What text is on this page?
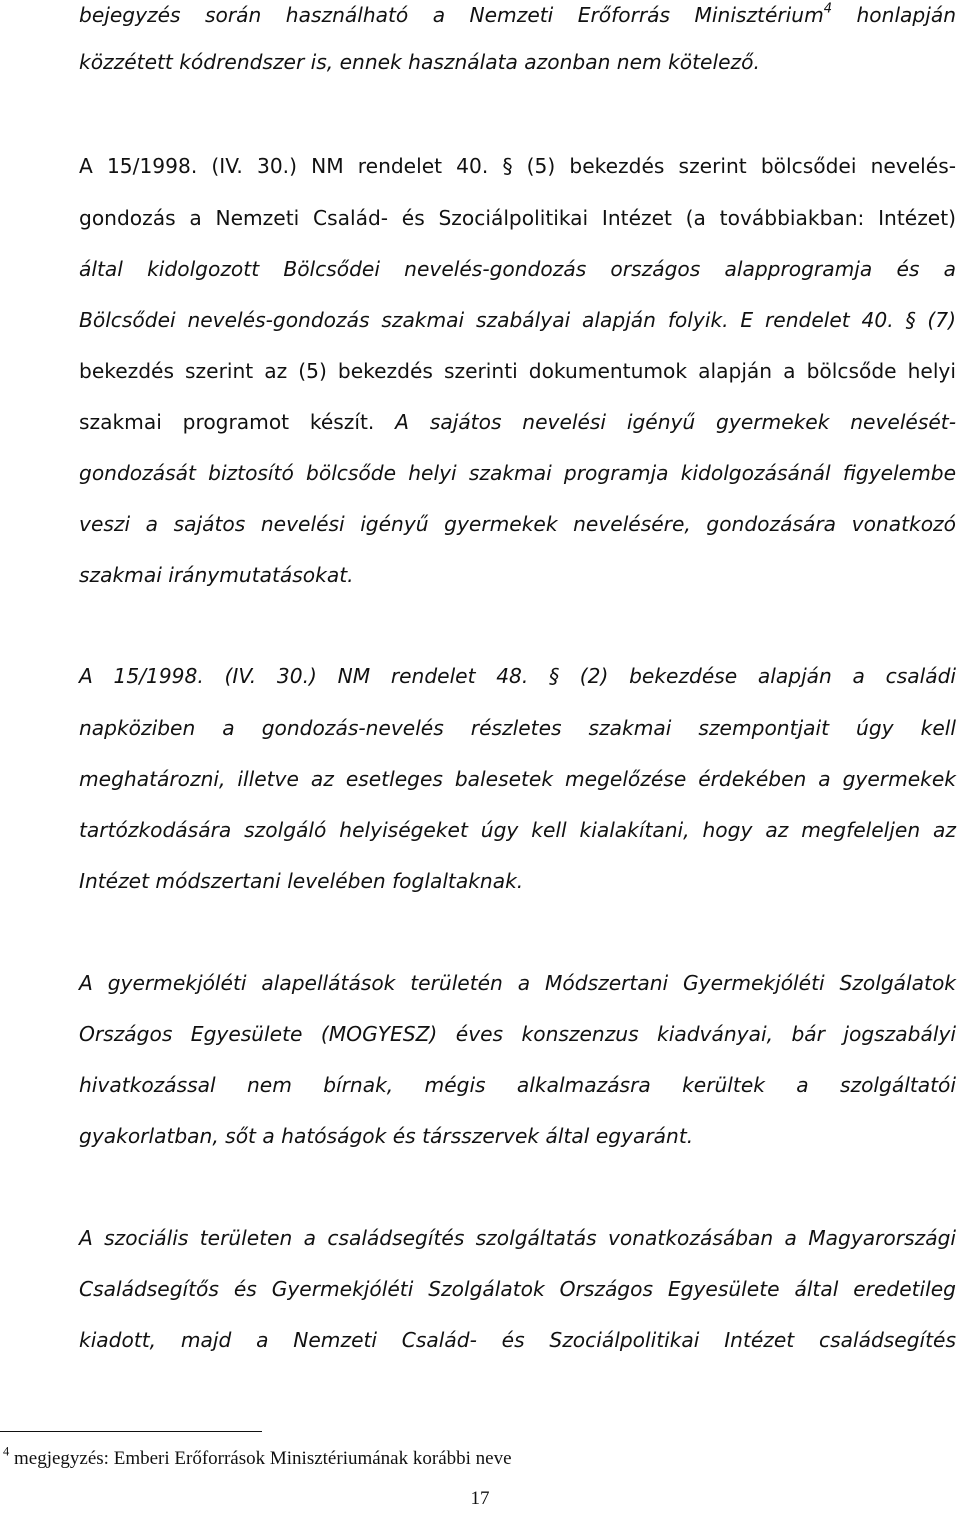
bejegyzés során használható a Nemzeti Erőforrás Minisztérium$^4$ honlapján
közzétett kódrendszer is, ennek használata azonban nem kötelező.
A 15/1998. (IV. 30.) NM rendelet 40. § (5) bekezdés szerint bölcsődei nevelés-
gondozás a Nemzeti Család- és Szociálpolitikai Intézet (a továbbiakban: Intézet)
által kidolgozott Bölcsődei nevelés-gondozás országos alapprogramja és a
Bölcsődei nevelés-gondozás szakmai szabályai alapján folyik. E rendelet 40. § (7)
bekezdés szerint az (5) bekezdés szerinti dokumentumok alapján a bölcsőde helyi
szakmai programot készít. A sajátos nevelési igényű gyermekek nevelését-
gondozását biztosító bölcsőde helyi szakmai programja kidolgozásánál figyelembe
veszi a sajátos nevelési igényű gyermekek nevelésére, gondozására vonatkozó
szakmai iránymutatásokat.
A 15/1998. (IV. 30.) NM rendelet 48. § (2) bekezdése alapján a családi
napköziben a gondozás-nevelés részletes szakmai szempontjait úgy kell
meghatározni, illetve az esetleges balesetek megelőzése érdekében a gyermekek
tartózkodására szolgáló helyiségeket úgy kell kialakítani, hogy az megfeleljen az
Intézet módszertani levelében foglaltaknak.
A gyermekjóléti alapellátások területén a Módszertani Gyermekjóléti Szolgálatok
Országos Egyesülete (MOGYESZ) éves konszenzus kiadványai, bár jogszabályi
hivatkozással nem bírnak, mégis alkalmazásra kerültek a szolgáltatói
gyakorlatban, sőt a hatóságok és társszervek által egyaránt.
A szociális területen a családsegítés szolgáltatás vonatkozásában a Magyarországi
Családsegítős és Gyermekjóléti Szolgálatok Országos Egyesülete által eredetileg
kiadott, majd a Nemzeti Család- és Szociálpolitikai Intézet családsegítés
$^4$ megjegyzés: Emberi Erőforrások Minisztériumának korábbi neve
17
